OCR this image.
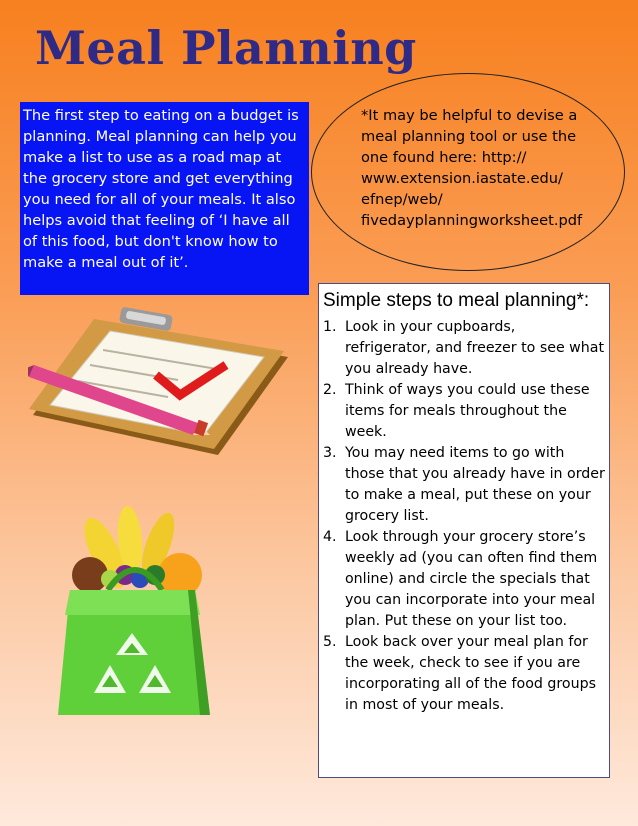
Meal Planning
The first step to eating on a budget is planning. Meal planning can help you make a list to use as a road map at the grocery store and get everything you need for all of your meals. It also helps avoid that feeling of ‘I have all of this food, but don't know how to make a meal out of it’.
*It may be helpful to devise a meal planning tool or use the one found here: http:// www.extension.iastate.edu/ efnep/web/ fivedayplanningworksheet.pdf
Simple steps to meal planning*:
1. Look in your cupboards, refrigerator, and freezer to see what you already have.
2. Think of ways you could use these items for meals throughout the week.
3. You may need items to go with those that you already have in order to make a meal, put these on your grocery list.
4. Look through your grocery store’s weekly ad (you can often find them online) and circle the specials that you can incorporate into your meal plan. Put these on your list too.
5. Look back over your meal plan for the week, check to see if you are incorporating all of the food groups in most of your meals.
